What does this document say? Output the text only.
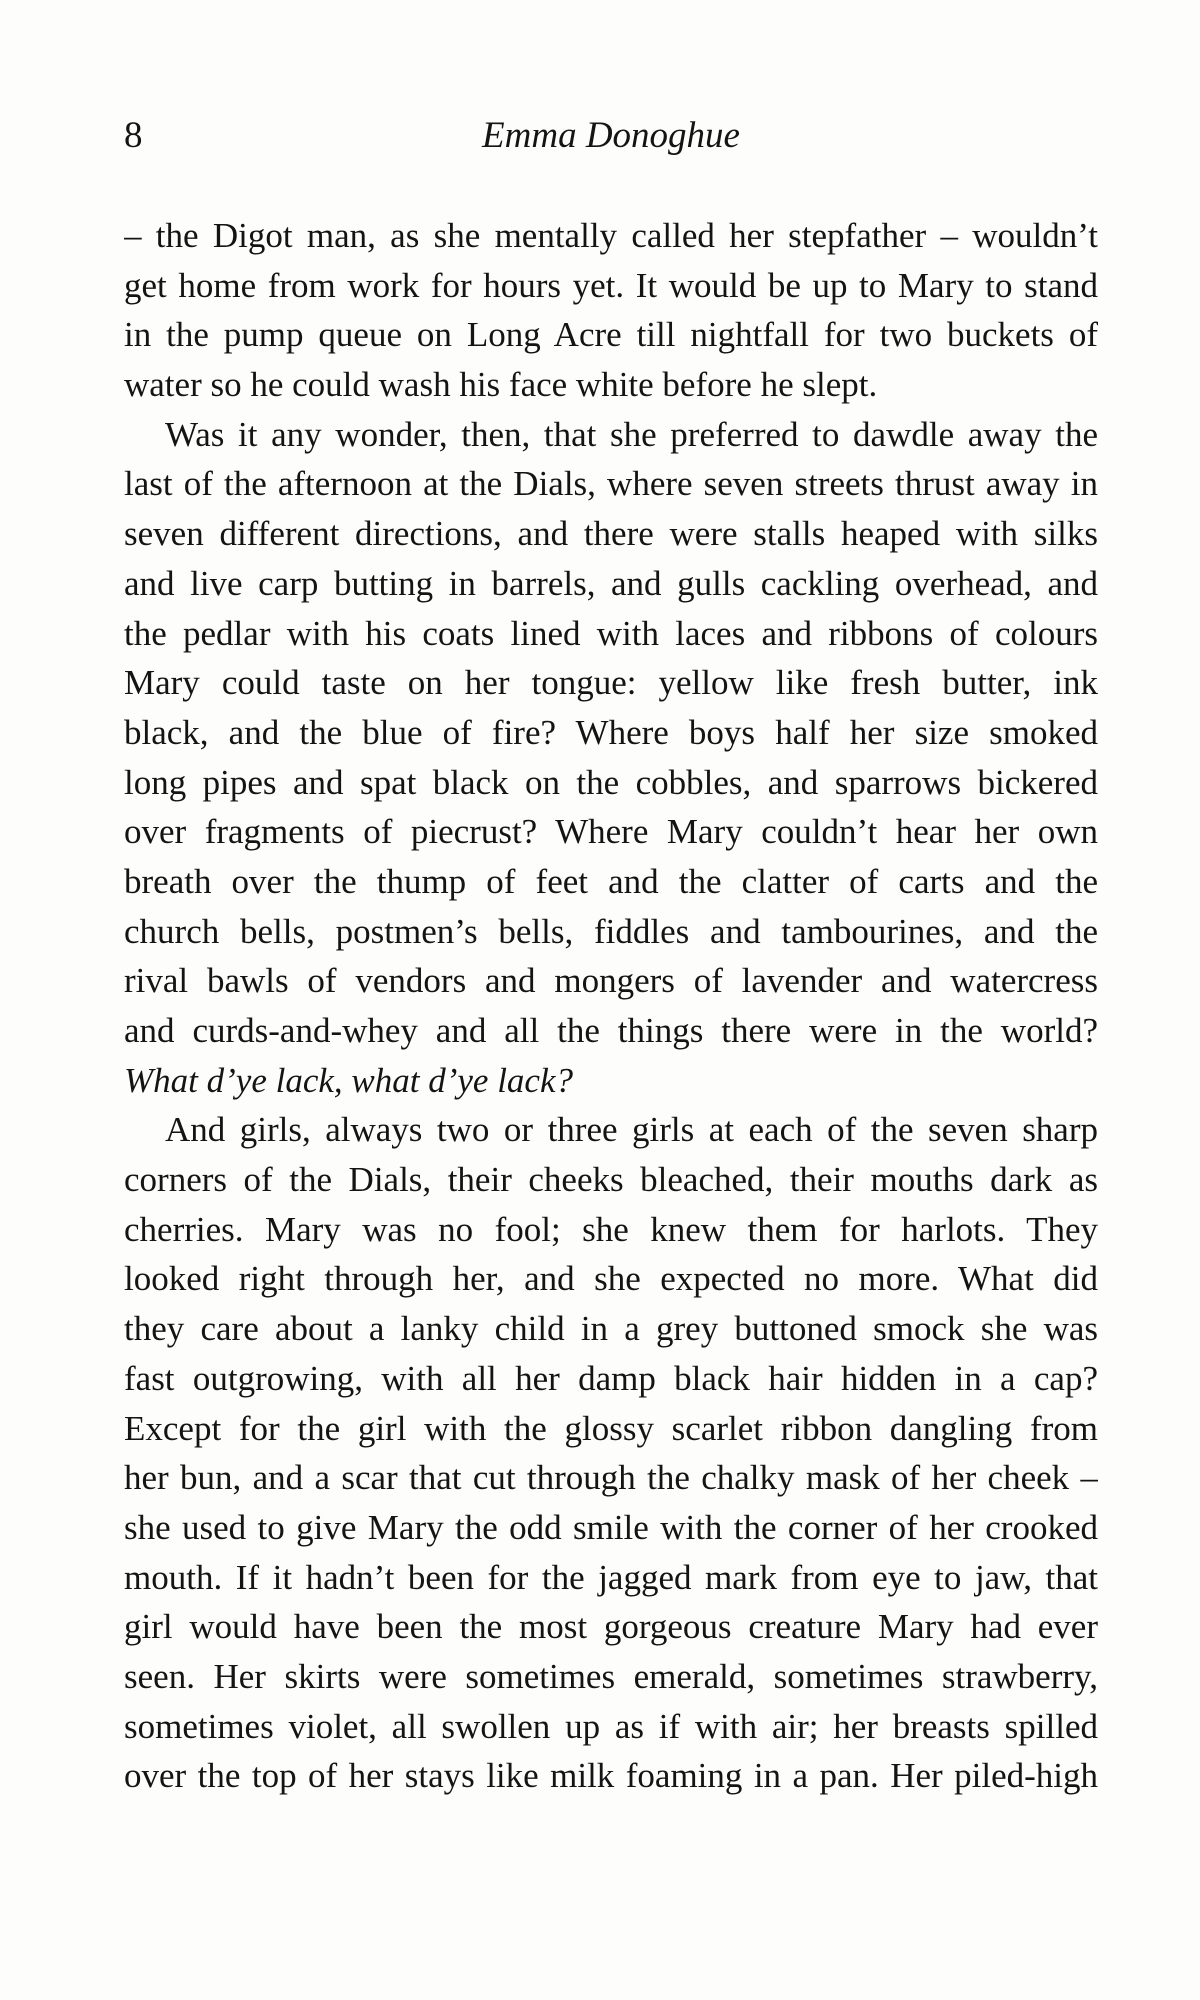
8	Emma Donoghue
– the Digot man, as she mentally called her stepfather – wouldn’t
get home from work for hours yet. It would be up to Mary to stand
in the pump queue on Long Acre till nightfall for two buckets of
water so he could wash his face white before he slept.
Was it any wonder, then, that she preferred to dawdle away the
last of the afternoon at the Dials, where seven streets thrust away in
seven different directions, and there were stalls heaped with silks
and live carp butting in barrels, and gulls cackling overhead, and
the pedlar with his coats lined with laces and ribbons of colours
Mary could taste on her tongue: yellow like fresh butter, ink
black, and the blue of fire? Where boys half her size smoked
long pipes and spat black on the cobbles, and sparrows bickered
over fragments of piecrust? Where Mary couldn’t hear her own
breath over the thump of feet and the clatter of carts and the
church bells, postmen’s bells, fiddles and tambourines, and the
rival bawls of vendors and mongers of lavender and watercress
and curds-and-whey and all the things there were in the world?
What d’ye lack, what d’ye lack?
And girls, always two or three girls at each of the seven sharp
corners of the Dials, their cheeks bleached, their mouths dark as
cherries. Mary was no fool; she knew them for harlots. They
looked right through her, and she expected no more. What did
they care about a lanky child in a grey buttoned smock she was
fast outgrowing, with all her damp black hair hidden in a cap?
Except for the girl with the glossy scarlet ribbon dangling from
her bun, and a scar that cut through the chalky mask of her cheek –
she used to give Mary the odd smile with the corner of her crooked
mouth. If it hadn’t been for the jagged mark from eye to jaw, that
girl would have been the most gorgeous creature Mary had ever
seen. Her skirts were sometimes emerald, sometimes strawberry,
sometimes violet, all swollen up as if with air; her breasts spilled
over the top of her stays like milk foaming in a pan. Her piled-high
